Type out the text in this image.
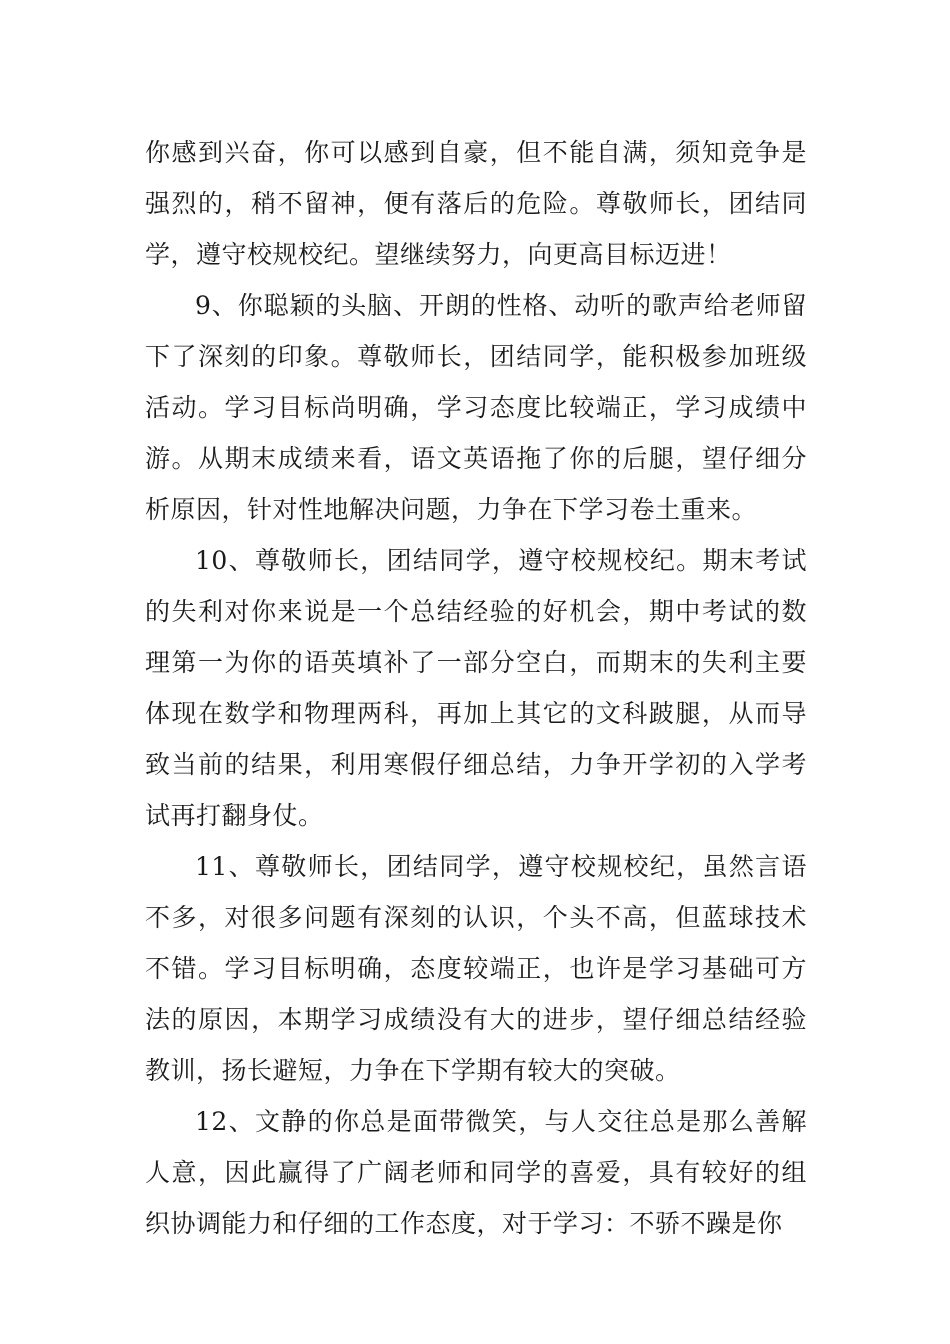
你感到兴奋，你可以感到自豪，但不能自满，须知竞争是强烈的，稍不留神，便有落后的危险。尊敬师长，团结同学，遵守校规校纪。望继续努力，向更高目标迈进！

9、你聪颖的头脑、开朗的性格、动听的歌声给老师留下了深刻的印象。尊敬师长，团结同学，能积极参加班级活动。学习目标尚明确，学习态度比较端正，学习成绩中游。从期末成绩来看，语文英语拖了你的后腿，望仔细分析原因，针对性地解决问题，力争在下学习卷土重来。

10、尊敬师长，团结同学，遵守校规校纪。期末考试的失利对你来说是一个总结经验的好机会，期中考试的数理第一为你的语英填补了一部分空白，而期末的失利主要体现在数学和物理两科，再加上其它的文科跛腿，从而导致当前的结果，利用寒假仔细总结，力争开学初的入学考试再打翻身仗。

11、尊敬师长，团结同学，遵守校规校纪，虽然言语不多，对很多问题有深刻的认识，个头不高，但蓝球技术不错。学习目标明确，态度较端正，也许是学习基础可方法的原因，本期学习成绩没有大的进步，望仔细总结经验教训，扬长避短，力争在下学期有较大的突破。

12、文静的你总是面带微笑，与人交往总是那么善解人意，因此赢得了广阔老师和同学的喜爱，具有较好的组织协调能力和仔细的工作态度，对于学习：不骄不躁是你
